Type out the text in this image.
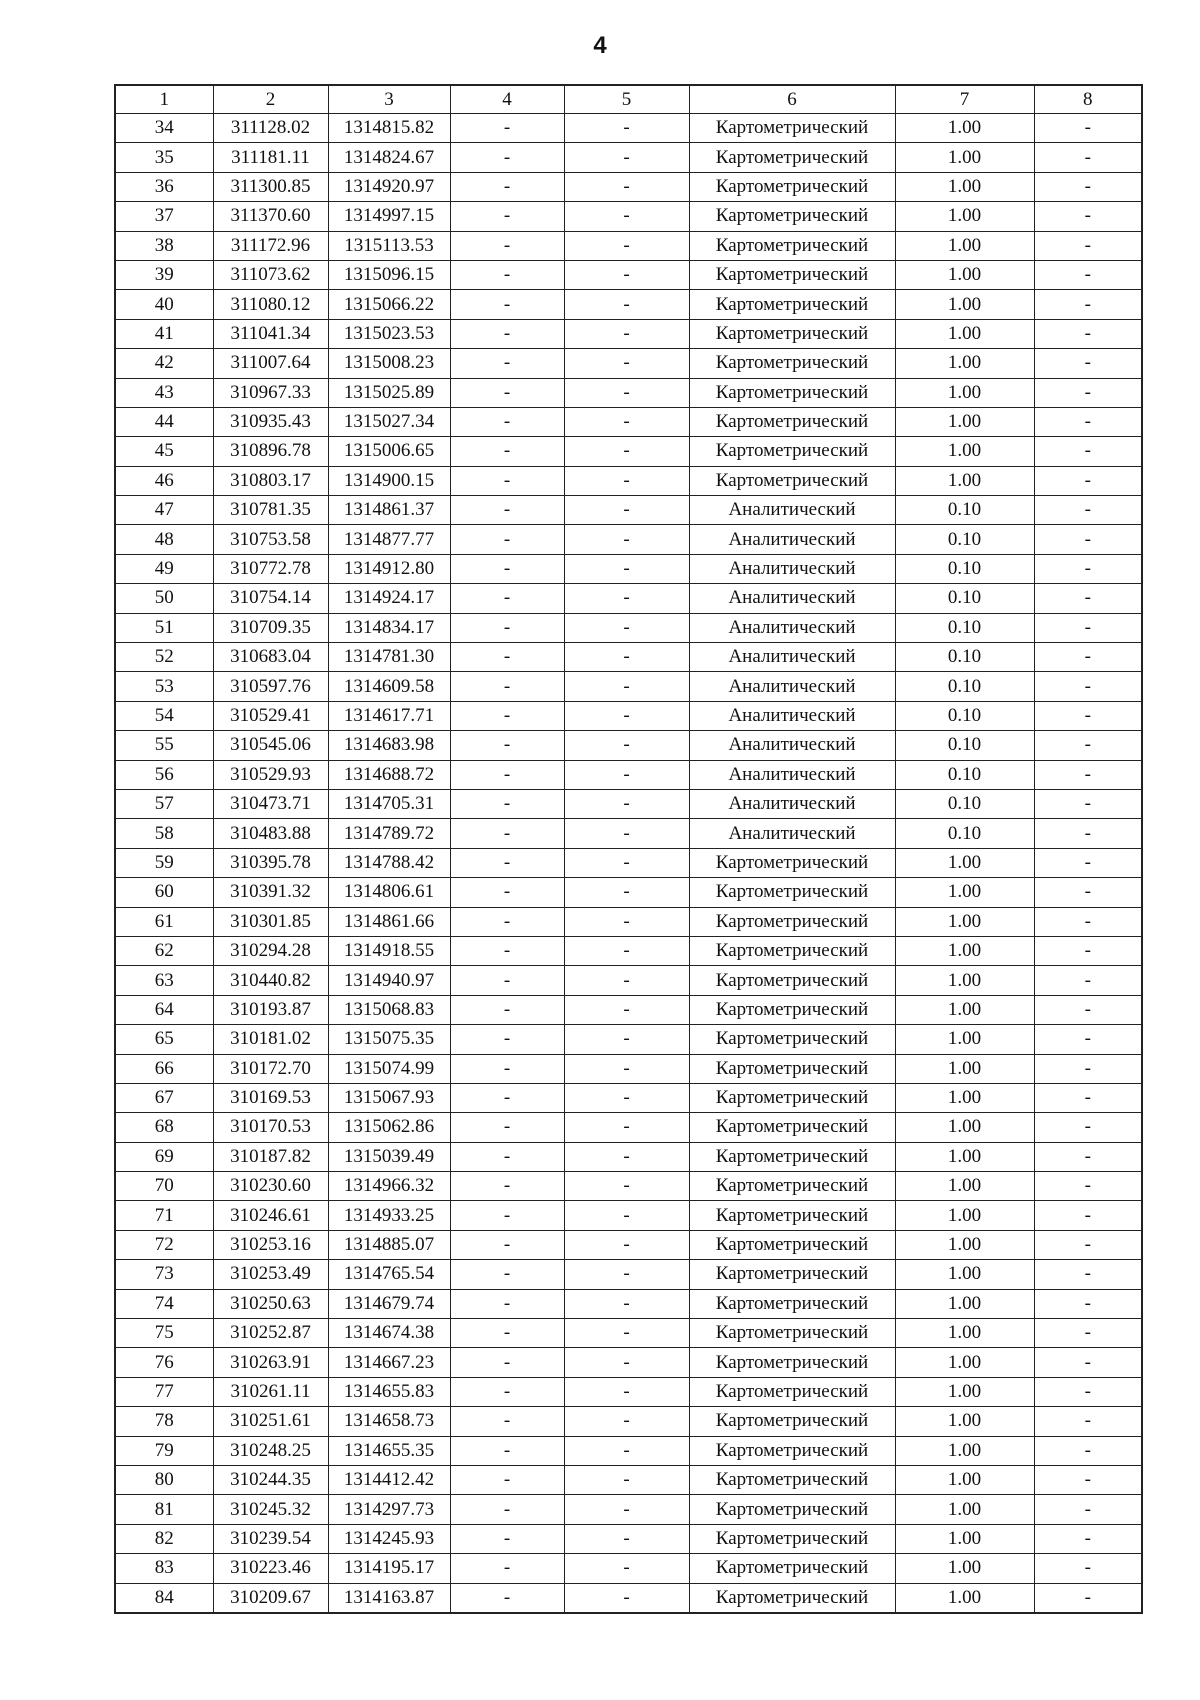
4
1	2	3	4	5	6	7	8
34	311128.02	1314815.82	-	-	Картометрический	1.00	-
35	311181.11	1314824.67	-	-	Картометрический	1.00	-
36	311300.85	1314920.97	-	-	Картометрический	1.00	-
37	311370.60	1314997.15	-	-	Картометрический	1.00	-
38	311172.96	1315113.53	-	-	Картометрический	1.00	-
39	311073.62	1315096.15	-	-	Картометрический	1.00	-
40	311080.12	1315066.22	-	-	Картометрический	1.00	-
41	311041.34	1315023.53	-	-	Картометрический	1.00	-
42	311007.64	1315008.23	-	-	Картометрический	1.00	-
43	310967.33	1315025.89	-	-	Картометрический	1.00	-
44	310935.43	1315027.34	-	-	Картометрический	1.00	-
45	310896.78	1315006.65	-	-	Картометрический	1.00	-
46	310803.17	1314900.15	-	-	Картометрический	1.00	-
47	310781.35	1314861.37	-	-	Аналитический	0.10	-
48	310753.58	1314877.77	-	-	Аналитический	0.10	-
49	310772.78	1314912.80	-	-	Аналитический	0.10	-
50	310754.14	1314924.17	-	-	Аналитический	0.10	-
51	310709.35	1314834.17	-	-	Аналитический	0.10	-
52	310683.04	1314781.30	-	-	Аналитический	0.10	-
53	310597.76	1314609.58	-	-	Аналитический	0.10	-
54	310529.41	1314617.71	-	-	Аналитический	0.10	-
55	310545.06	1314683.98	-	-	Аналитический	0.10	-
56	310529.93	1314688.72	-	-	Аналитический	0.10	-
57	310473.71	1314705.31	-	-	Аналитический	0.10	-
58	310483.88	1314789.72	-	-	Аналитический	0.10	-
59	310395.78	1314788.42	-	-	Картометрический	1.00	-
60	310391.32	1314806.61	-	-	Картометрический	1.00	-
61	310301.85	1314861.66	-	-	Картометрический	1.00	-
62	310294.28	1314918.55	-	-	Картометрический	1.00	-
63	310440.82	1314940.97	-	-	Картометрический	1.00	-
64	310193.87	1315068.83	-	-	Картометрический	1.00	-
65	310181.02	1315075.35	-	-	Картометрический	1.00	-
66	310172.70	1315074.99	-	-	Картометрический	1.00	-
67	310169.53	1315067.93	-	-	Картометрический	1.00	-
68	310170.53	1315062.86	-	-	Картометрический	1.00	-
69	310187.82	1315039.49	-	-	Картометрический	1.00	-
70	310230.60	1314966.32	-	-	Картометрический	1.00	-
71	310246.61	1314933.25	-	-	Картометрический	1.00	-
72	310253.16	1314885.07	-	-	Картометрический	1.00	-
73	310253.49	1314765.54	-	-	Картометрический	1.00	-
74	310250.63	1314679.74	-	-	Картометрический	1.00	-
75	310252.87	1314674.38	-	-	Картометрический	1.00	-
76	310263.91	1314667.23	-	-	Картометрический	1.00	-
77	310261.11	1314655.83	-	-	Картометрический	1.00	-
78	310251.61	1314658.73	-	-	Картометрический	1.00	-
79	310248.25	1314655.35	-	-	Картометрический	1.00	-
80	310244.35	1314412.42	-	-	Картометрический	1.00	-
81	310245.32	1314297.73	-	-	Картометрический	1.00	-
82	310239.54	1314245.93	-	-	Картометрический	1.00	-
83	310223.46	1314195.17	-	-	Картометрический	1.00	-
84	310209.67	1314163.87	-	-	Картометрический	1.00	-
